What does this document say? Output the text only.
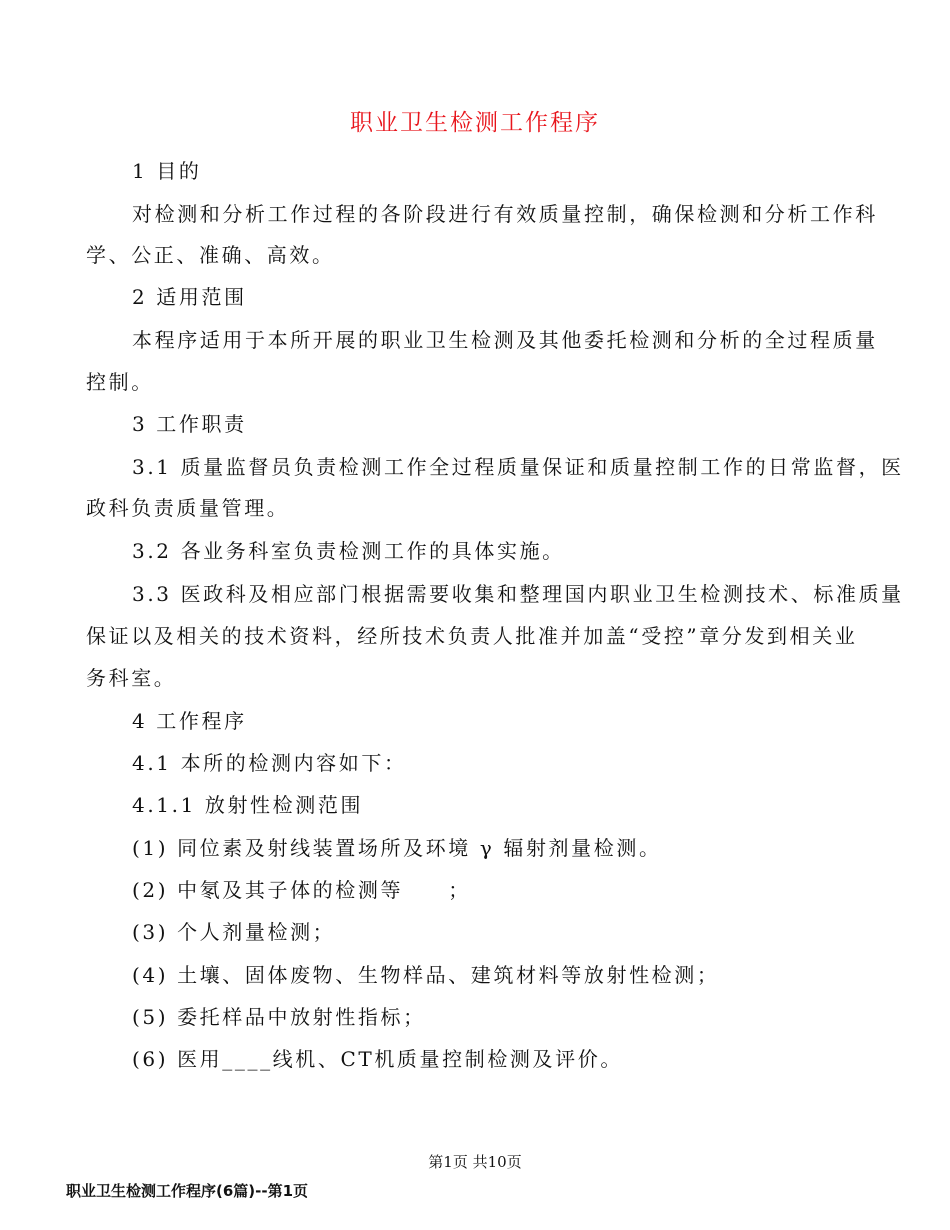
职业卫生检测工作程序
1 目的
对检测和分析工作过程的各阶段进行有效质量控制，确保检测和分析工作科
学、公正、准确、高效。
2 适用范围
本程序适用于本所开展的职业卫生检测及其他委托检测和分析的全过程质量
控制。
3 工作职责
3.1 质量监督员负责检测工作全过程质量保证和质量控制工作的日常监督，医
政科负责质量管理。
3.2 各业务科室负责检测工作的具体实施。
3.3 医政科及相应部门根据需要收集和整理国内职业卫生检测技术、标准质量
保证以及相关的技术资料，经所技术负责人批准并加盖“受控”章分发到相关业
务科室。
4 工作程序
4.1 本所的检测内容如下：
4.1.1 放射性检测范围
(1) 同位素及射线装置场所及环境 γ 辐射剂量检测。
(2) 中氡及其子体的检测等　　；
(3) 个人剂量检测；
(4) 土壤、固体废物、生物样品、建筑材料等放射性检测；
(5) 委托样品中放射性指标；
(6) 医用____线机、CT机质量控制检测及评价。
第1页 共10页
职业卫生检测工作程序(6篇)--第1页
